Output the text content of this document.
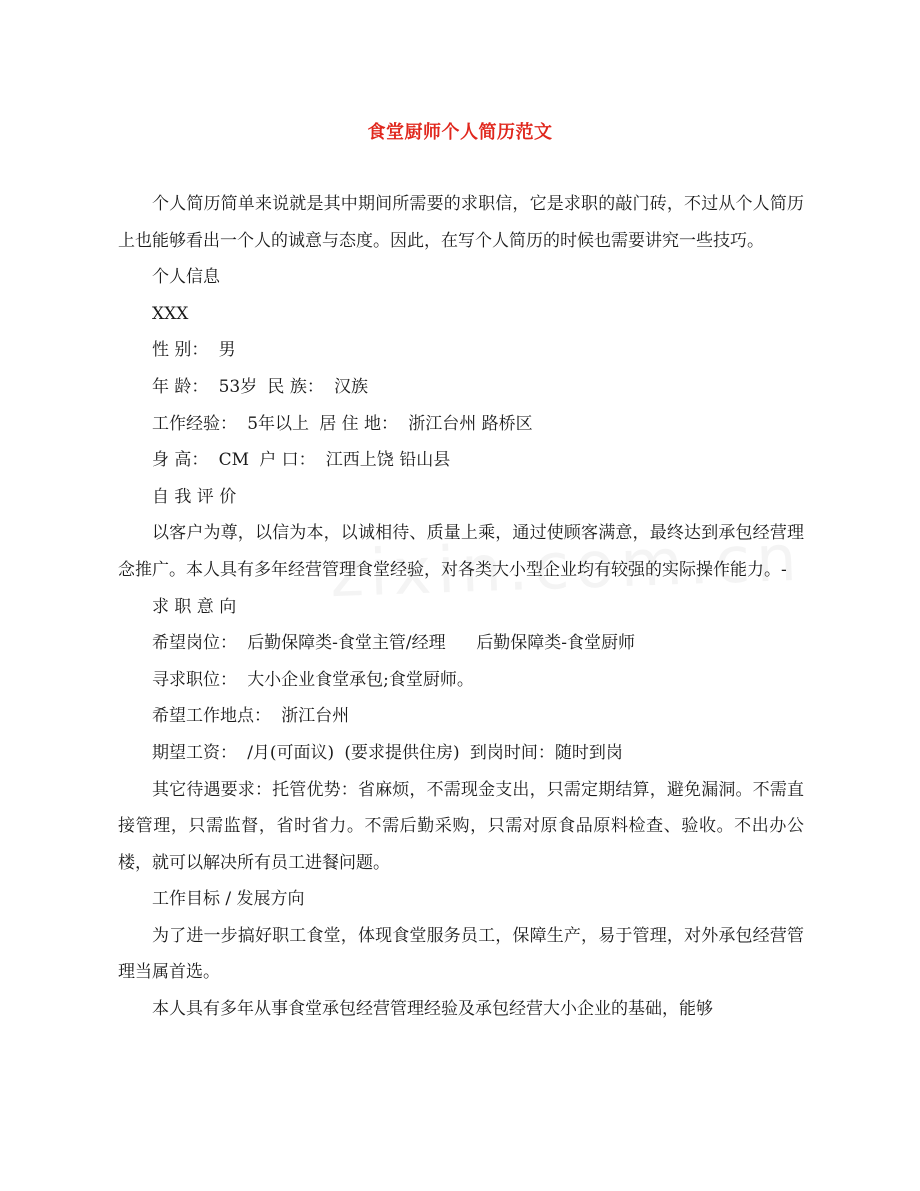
食堂厨师个人简历范文

个人简历简单来说就是其中期间所需要的求职信，它是求职的敲门砖，不过从个人简历上也能够看出一个人的诚意与态度。因此，在写个人简历的时候也需要讲究一些技巧。

个人信息

XXX

性 别： 男

年 龄： 53岁 民 族： 汉族

工作经验： 5年以上 居 住 地： 浙江台州 路桥区

身 高： CM 户 口： 江西上饶 铅山县

自 我 评 价

以客户为尊，以信为本，以诚相待、质量上乘，通过使顾客满意，最终达到承包经营理念推广。本人具有多年经营管理食堂经验，对各类大小型企业均有较强的实际操作能力。-

求 职 意 向

希望岗位： 后勤保障类-食堂主管/经理 后勤保障类-食堂厨师

寻求职位： 大小企业食堂承包;食堂厨师。

希望工作地点： 浙江台州

期望工资： /月(可面议) (要求提供住房) 到岗时间：随时到岗

其它待遇要求：托管优势：省麻烦，不需现金支出，只需定期结算，避免漏洞。不需直接管理，只需监督，省时省力。不需后勤采购，只需对原食品原料检查、验收。不出办公楼，就可以解决所有员工进餐问题。

工作目标 / 发展方向

为了进一步搞好职工食堂，体现食堂服务员工，保障生产，易于管理，对外承包经营管理当属首选。

本人具有多年从事食堂承包经营管理经验及承包经营大小企业的基础，能够
